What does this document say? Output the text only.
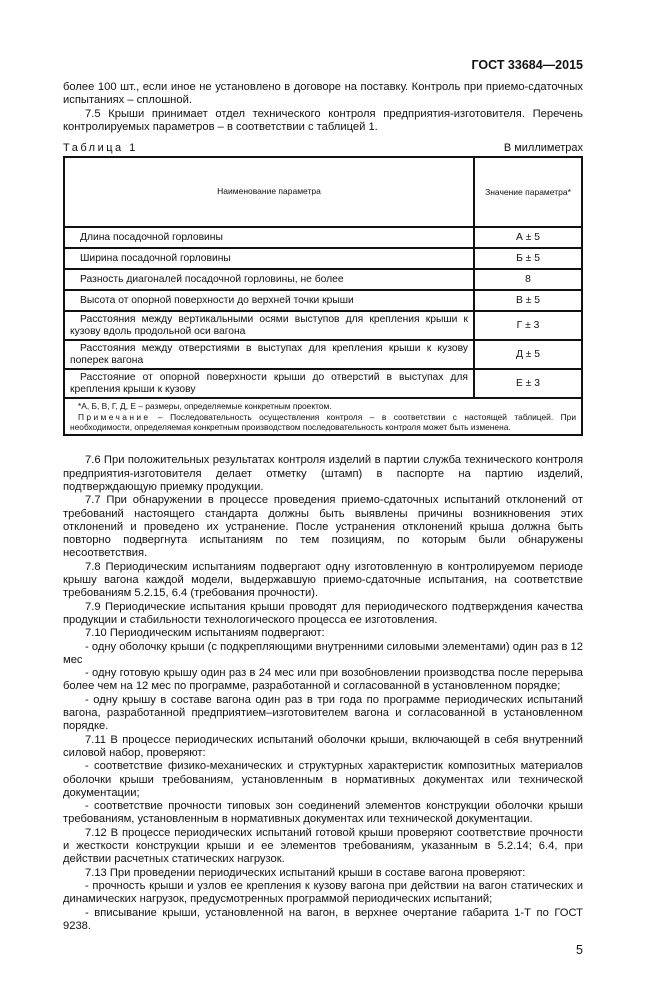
ГОСТ 33684—2015

более 100 шт., если иное не установлено в договоре на поставку. Контроль при приемо-сдаточных испытаниях – сплошной.

7.5 Крыши принимает отдел технического контроля предприятия-изготовителя. Перечень контролируемых параметров – в соответствии с таблицей 1.

Таблица 1	В миллиметрах
Наименование параметра	Значение параметра*
Длина посадочной горловины	А ± 5
Ширина посадочной горловины	Б ± 5
Разность диагоналей посадочной горловины, не более	8
Высота от опорной поверхности до верхней точки крыши	В ± 5
Расстояния между вертикальными осями выступов для крепления крыши к кузову вдоль продольной оси вагона	Г ± 3
Расстояния между отверстиями в выступах для крепления крыши к кузову поперек вагона	Д ± 5
Расстояние от опорной поверхности крыши до отверстий в выступах для крепления крыши к кузову	Е ± 3

*А, Б, В, Г, Д, Е – размеры, определяемые конкретным проектом.
Примечание – Последовательность осуществления контроля – в соответствии с настоящей таблицей. При необходимости, определяемая конкретным производством последовательность контроля может быть изменена.	

7.6 При положительных результатах контроля изделий в партии служба технического контроля предприятия-изготовителя делает отметку (штамп) в паспорте на партию изделий, подтверждающую приемку продукции.

7.7 При обнаружении в процессе проведения приемо-сдаточных испытаний отклонений от требований настоящего стандарта должны быть выявлены причины возникновения этих отклонений и проведено их устранение. После устранения отклонений крыша должна быть повторно подвергнута испытаниям по тем позициям, по которым были обнаружены несоответствия.

7.8 Периодическим испытаниям подвергают одну изготовленную в контролируемом периоде крышу вагона каждой модели, выдержавшую приемо-сдаточные испытания, на соответствие требованиям 5.2.15, 6.4 (требования прочности).

7.9 Периодические испытания крыши проводят для периодического подтверждения качества продукции и стабильности технологического процесса ее изготовления.

7.10 Периодическим испытаниям подвергают:

- одну оболочку крыши (с подкрепляющими внутренними силовыми элементами) один раз в 12 мес

- одну готовую крышу один раз в 24 мес или при возобновлении производства после перерыва более чем на 12 мес по программе, разработанной и согласованной в установленном порядке;

- одну крышу в составе вагона один раз в три года по программе периодических испытаний вагона, разработанной предприятием–изготовителем вагона и согласованной в установленном порядке.

7.11 В процессе периодических испытаний оболочки крыши, включающей в себя внутренний силовой набор, проверяют:

- соответствие физико-механических и структурных характеристик композитных материалов оболочки крыши требованиям, установленным в нормативных документах или технической документации;

- соответствие прочности типовых зон соединений элементов конструкции оболочки крыши требованиям, установленным в нормативных документах или технической документации.

7.12 В процессе периодических испытаний готовой крыши проверяют соответствие прочности и жесткости конструкции крыши и ее элементов требованиям, указанным в 5.2.14; 6.4, при действии расчетных статических нагрузок.

7.13 При проведении периодических испытаний крыши в составе вагона проверяют:

- прочность крыши и узлов ее крепления к кузову вагона при действии на вагон статических и динамических нагрузок, предусмотренных программой периодических испытаний;

- вписывание крыши, установленной на вагон, в верхнее очертание габарита 1-Т по ГОСТ 9238.

5
